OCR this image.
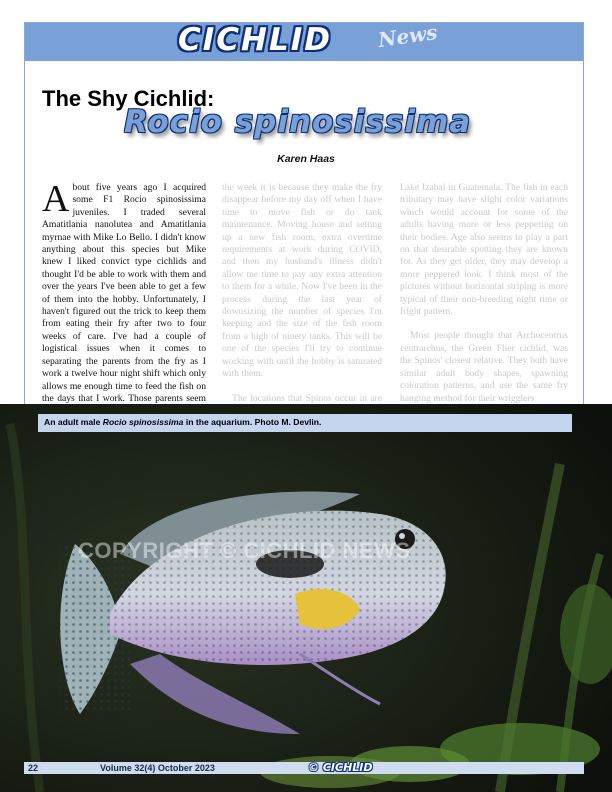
CICHLID News
The Shy Cichlid:
Rocio spinosissima
Karen Haas

About five years ago I acquired some F1 Rocio spinosissima juveniles. I traded several Amatitlania nanolutea and Amatitlania myrnae with Mike Lo Bello. I didn't know anything about this species but Mike knew I liked convict type cichlids and thought I'd be able to work with them and over the years I've been able to get a few of them into the hobby. Unfortunately, I haven't figured out the trick to keep them from eating their fry after two to four weeks of care. I've had a couple of logistical issues when it comes to separating the parents from the fry as I work a twelve hour night shift which only allows me enough time to feed the fish on the days that I work. Those parents seem

the week it is because they make the fry disappear before my day off when I have time to move fish or do tank maintenance. Moving house and setting up a new fish room, extra overtime requirements at work during COVID, and then my husband's illness didn't allow me time to pay any extra attention to them for a while. Now I've been in the process during the last year of downsizing the number of species I'm keeping and the size of the fish room from a high of ninety tanks. This will be one of the species I'll try to continue working with until the hobby is saturated with them.

The locations that Spinos occur in are

Lake Izabal in Guatemala. The fish in each tributary may have slight color variations which would account for some of the adults having more or less peppering on their bodies. Age also seems to play a part on that desirable spotting they are known for. As they get older, they may develop a more peppered look. I think most of the pictures without horizontal striping is more typical of their non-breeding night time or fright pattern.

Most people thought that Archocentrus centrarchus, the Green Flier cichlid, was the Spinos' closest relative. They both have similar adult body shapes, spawning coloration patterns, and use the same fry hanging method for their wrigglers

An adult male Rocio spinosissima in the aquarium. Photo M. Devlin.
COPYRIGHT © CICHLID NEWS
22	Volume 32(4) October 2023	© CICHLID
